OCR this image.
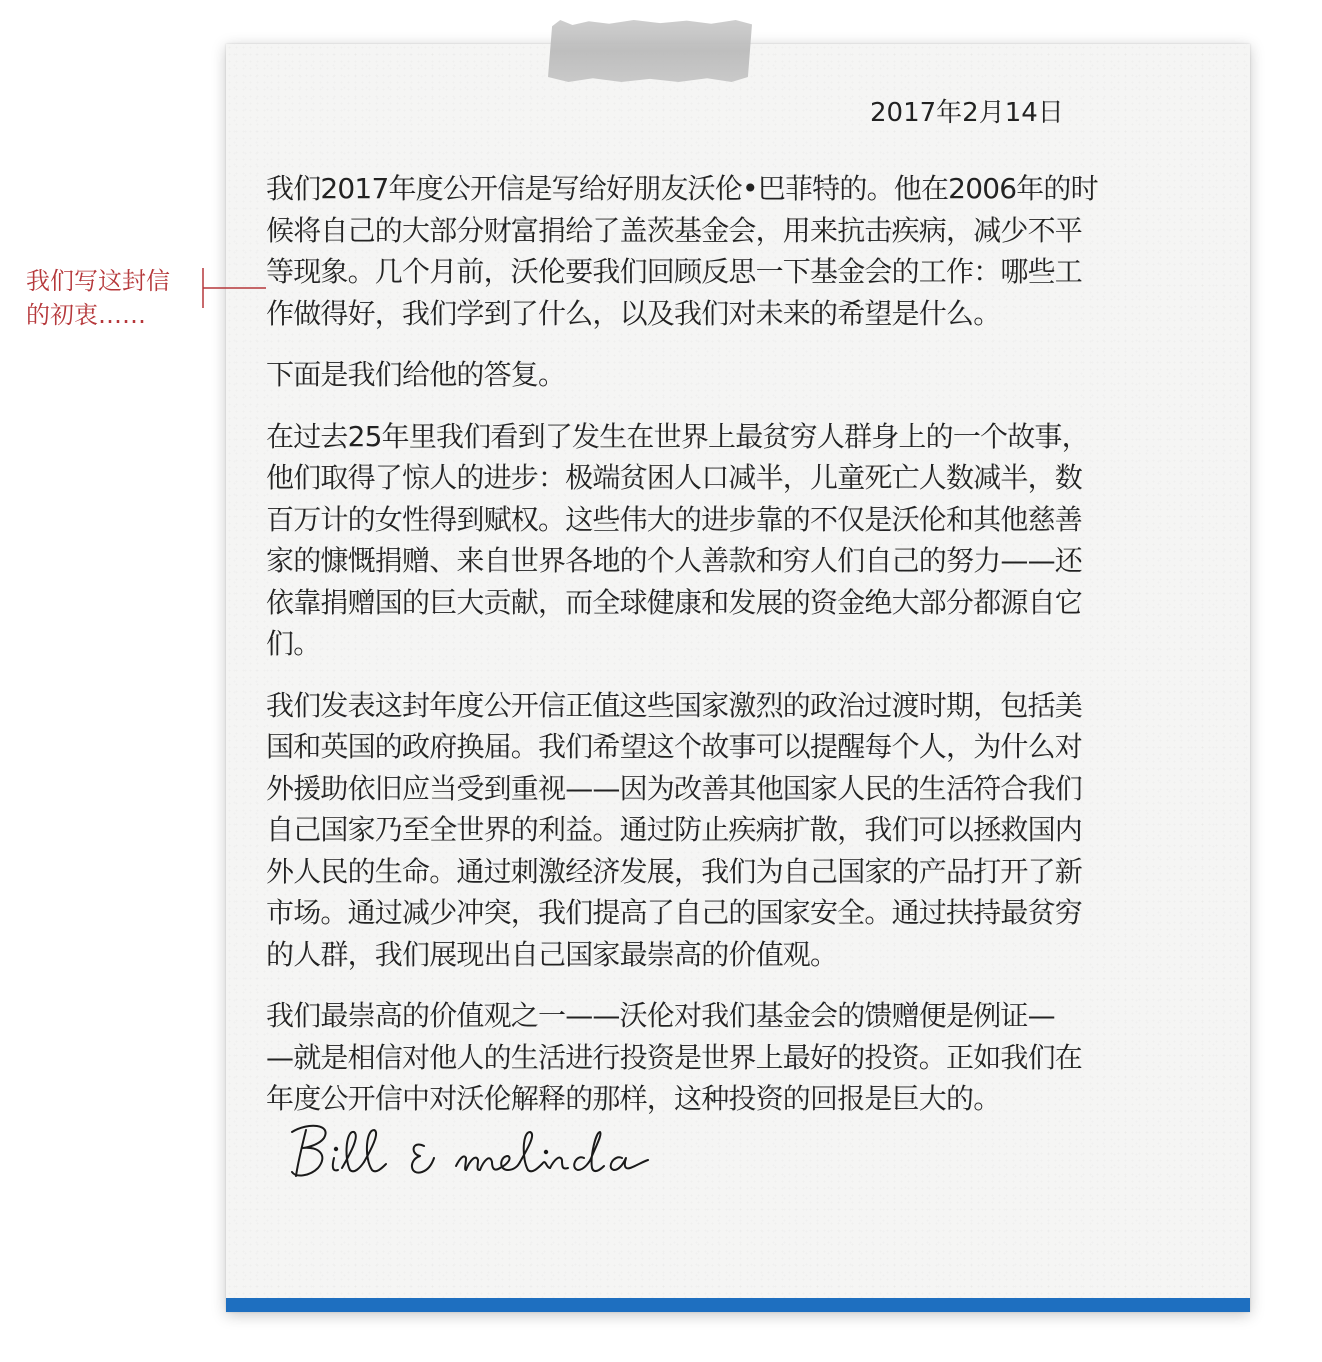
2017年2月14日

我们2017年度公开信是写给好朋友沃伦•巴菲特的。他在2006年的时
候将自己的大部分财富捐给了盖茨基金会，用来抗击疾病，减少不平
等现象。几个月前，沃伦要我们回顾反思一下基金会的工作：哪些工
作做得好，我们学到了什么，以及我们对未来的希望是什么。

下面是我们给他的答复。

在过去25年里我们看到了发生在世界上最贫穷人群身上的一个故事，
他们取得了惊人的进步：极端贫困人口减半，儿童死亡人数减半，数
百万计的女性得到赋权。这些伟大的进步靠的不仅是沃伦和其他慈善
家的慷慨捐赠、来自世界各地的个人善款和穷人们自己的努力——还
依靠捐赠国的巨大贡献，而全球健康和发展的资金绝大部分都源自它
们。

我们发表这封年度公开信正值这些国家激烈的政治过渡时期，包括美
国和英国的政府换届。我们希望这个故事可以提醒每个人，为什么对
外援助依旧应当受到重视——因为改善其他国家人民的生活符合我们
自己国家乃至全世界的利益。通过防止疾病扩散，我们可以拯救国内
外人民的生命。通过刺激经济发展，我们为自己国家的产品打开了新
市场。通过减少冲突，我们提高了自己的国家安全。通过扶持最贫穷
的人群，我们展现出自己国家最崇高的价值观。

我们最崇高的价值观之一——沃伦对我们基金会的馈赠便是例证—
—就是相信对他人的生活进行投资是世界上最好的投资。正如我们在
年度公开信中对沃伦解释的那样，这种投资的回报是巨大的。

我们写这封信
的初衷……
